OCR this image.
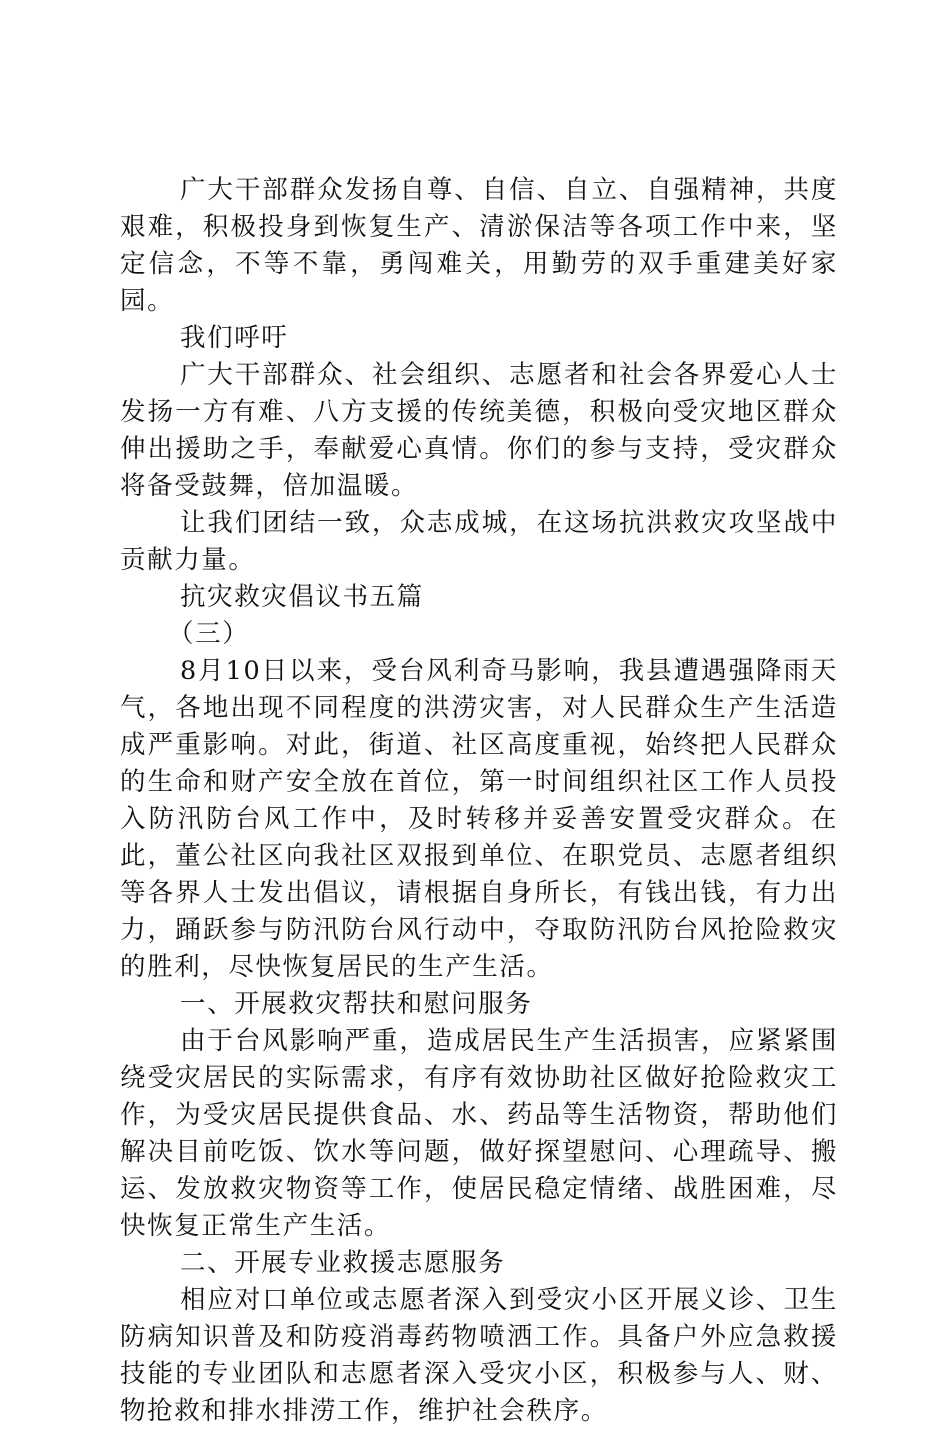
广大干部群众发扬自尊、自信、自立、自强精神，共度艰难，积极投身到恢复生产、清淤保洁等各项工作中来，坚定信念，不等不靠，勇闯难关，用勤劳的双手重建美好家园。

我们呼吁

广大干部群众、社会组织、志愿者和社会各界爱心人士发扬一方有难、八方支援的传统美德，积极向受灾地区群众伸出援助之手，奉献爱心真情。你们的参与支持，受灾群众将备受鼓舞，倍加温暖。

让我们团结一致，众志成城，在这场抗洪救灾攻坚战中贡献力量。

抗灾救灾倡议书五篇

（三）

8月10日以来，受台风利奇马影响，我县遭遇强降雨天气，各地出现不同程度的洪涝灾害，对人民群众生产生活造成严重影响。对此，街道、社区高度重视，始终把人民群众的生命和财产安全放在首位，第一时间组织社区工作人员投入防汛防台风工作中，及时转移并妥善安置受灾群众。在此，董公社区向我社区双报到单位、在职党员、志愿者组织等各界人士发出倡议，请根据自身所长，有钱出钱，有力出力，踊跃参与防汛防台风行动中，夺取防汛防台风抢险救灾的胜利，尽快恢复居民的生产生活。

一、开展救灾帮扶和慰问服务

由于台风影响严重，造成居民生产生活损害，应紧紧围绕受灾居民的实际需求，有序有效协助社区做好抢险救灾工作，为受灾居民提供食品、水、药品等生活物资，帮助他们解决目前吃饭、饮水等问题，做好探望慰问、心理疏导、搬运、发放救灾物资等工作，使居民稳定情绪、战胜困难，尽快恢复正常生产生活。

二、开展专业救援志愿服务

相应对口单位或志愿者深入到受灾小区开展义诊、卫生防病知识普及和防疫消毒药物喷洒工作。具备户外应急救援技能的专业团队和志愿者深入受灾小区，积极参与人、财、物抢救和排水排涝工作，维护社会秩序。
